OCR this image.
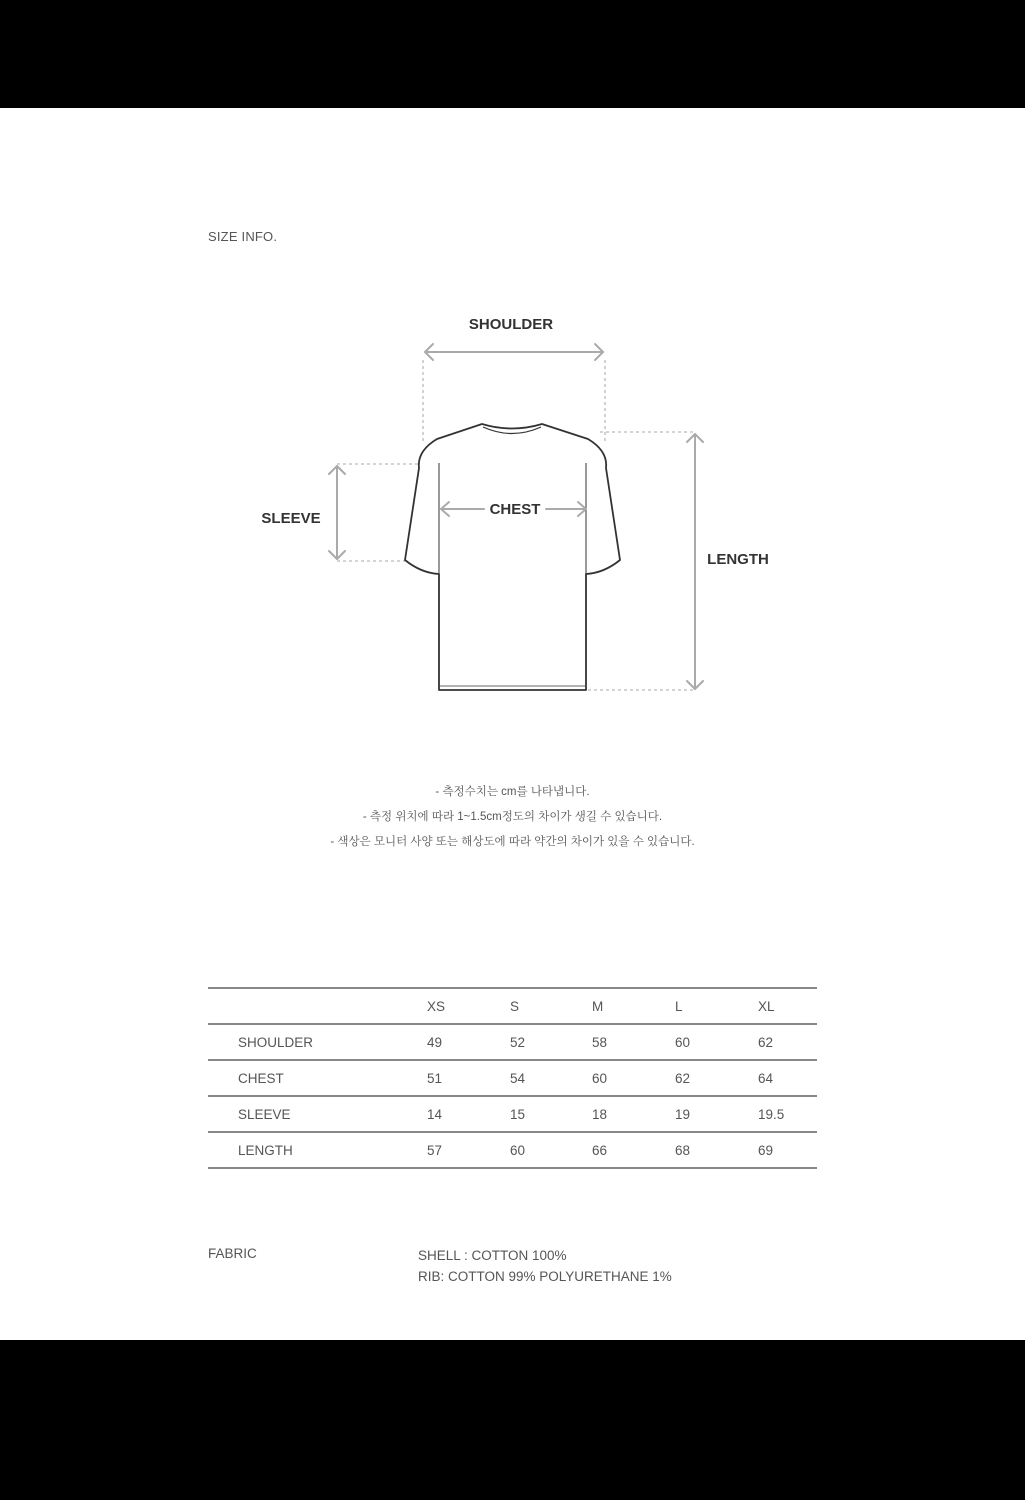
SIZE INFO.
SHOULDER
SLEEVE
CHEST
LENGTH
- 측정수치는 cm를 나타냅니다.
- 측정 위치에 따라 1~1.5cm정도의 차이가 생길 수 있습니다.
- 색상은 모니터 사양 또는 해상도에 따라 약간의 차이가 있을 수 있습니다.
	XS	S	M	L	XL
SHOULDER	49	52	58	60	62
CHEST	51	54	60	62	64
SLEEVE	14	15	18	19	19.5
LENGTH	57	60	66	68	69
FABRIC	SHELL : COTTON 100%
RIB: COTTON 99% POLYURETHANE 1%
